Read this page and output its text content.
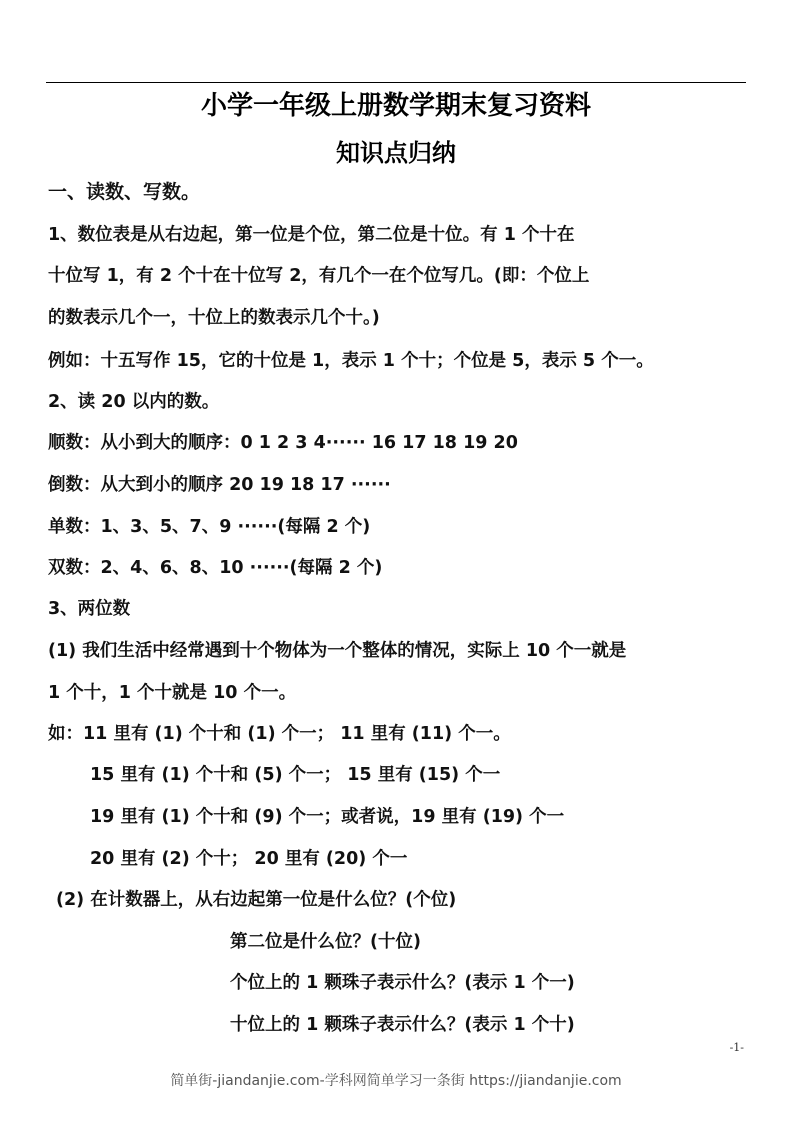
小学一年级上册数学期末复习资料
知识点归纳
一、读数、写数。
1、数位表是从右边起，第一位是个位，第二位是十位。有 1 个十在
十位写 1，有 2 个十在十位写 2，有几个一在个位写几。(即：个位上
的数表示几个一，十位上的数表示几个十。)
例如：十五写作 15，它的十位是 1，表示 1 个十；个位是 5，表示 5 个一。
2、读 20 以内的数。
顺数：从小到大的顺序：0 1 2 3 4······ 16 17 18 19 20
倒数：从大到小的顺序 20 19 18 17 ······
单数：1、3、5、7、9 ······(每隔 2 个)
双数：2、4、6、8、10 ······(每隔 2 个)
3、两位数
(1) 我们生活中经常遇到十个物体为一个整体的情况，实际上 10 个一就是
1 个十，1 个十就是 10 个一。
如：11 里有 (1) 个十和 (1) 个一； 11 里有 (11) 个一。
15 里有 (1) 个十和 (5) 个一； 15 里有 (15) 个一
19 里有 (1) 个十和 (9) 个一；或者说，19 里有 (19) 个一
20 里有 (2) 个十； 20 里有 (20) 个一
(2) 在计数器上，从右边起第一位是什么位？(个位)
第二位是什么位？(十位)
个位上的 1 颗珠子表示什么？(表示 1 个一)
十位上的 1 颗珠子表示什么？(表示 1 个十)
-1-
简单街-jiandanjie.com-学科网简单学习一条街 https://jiandanjie.com
